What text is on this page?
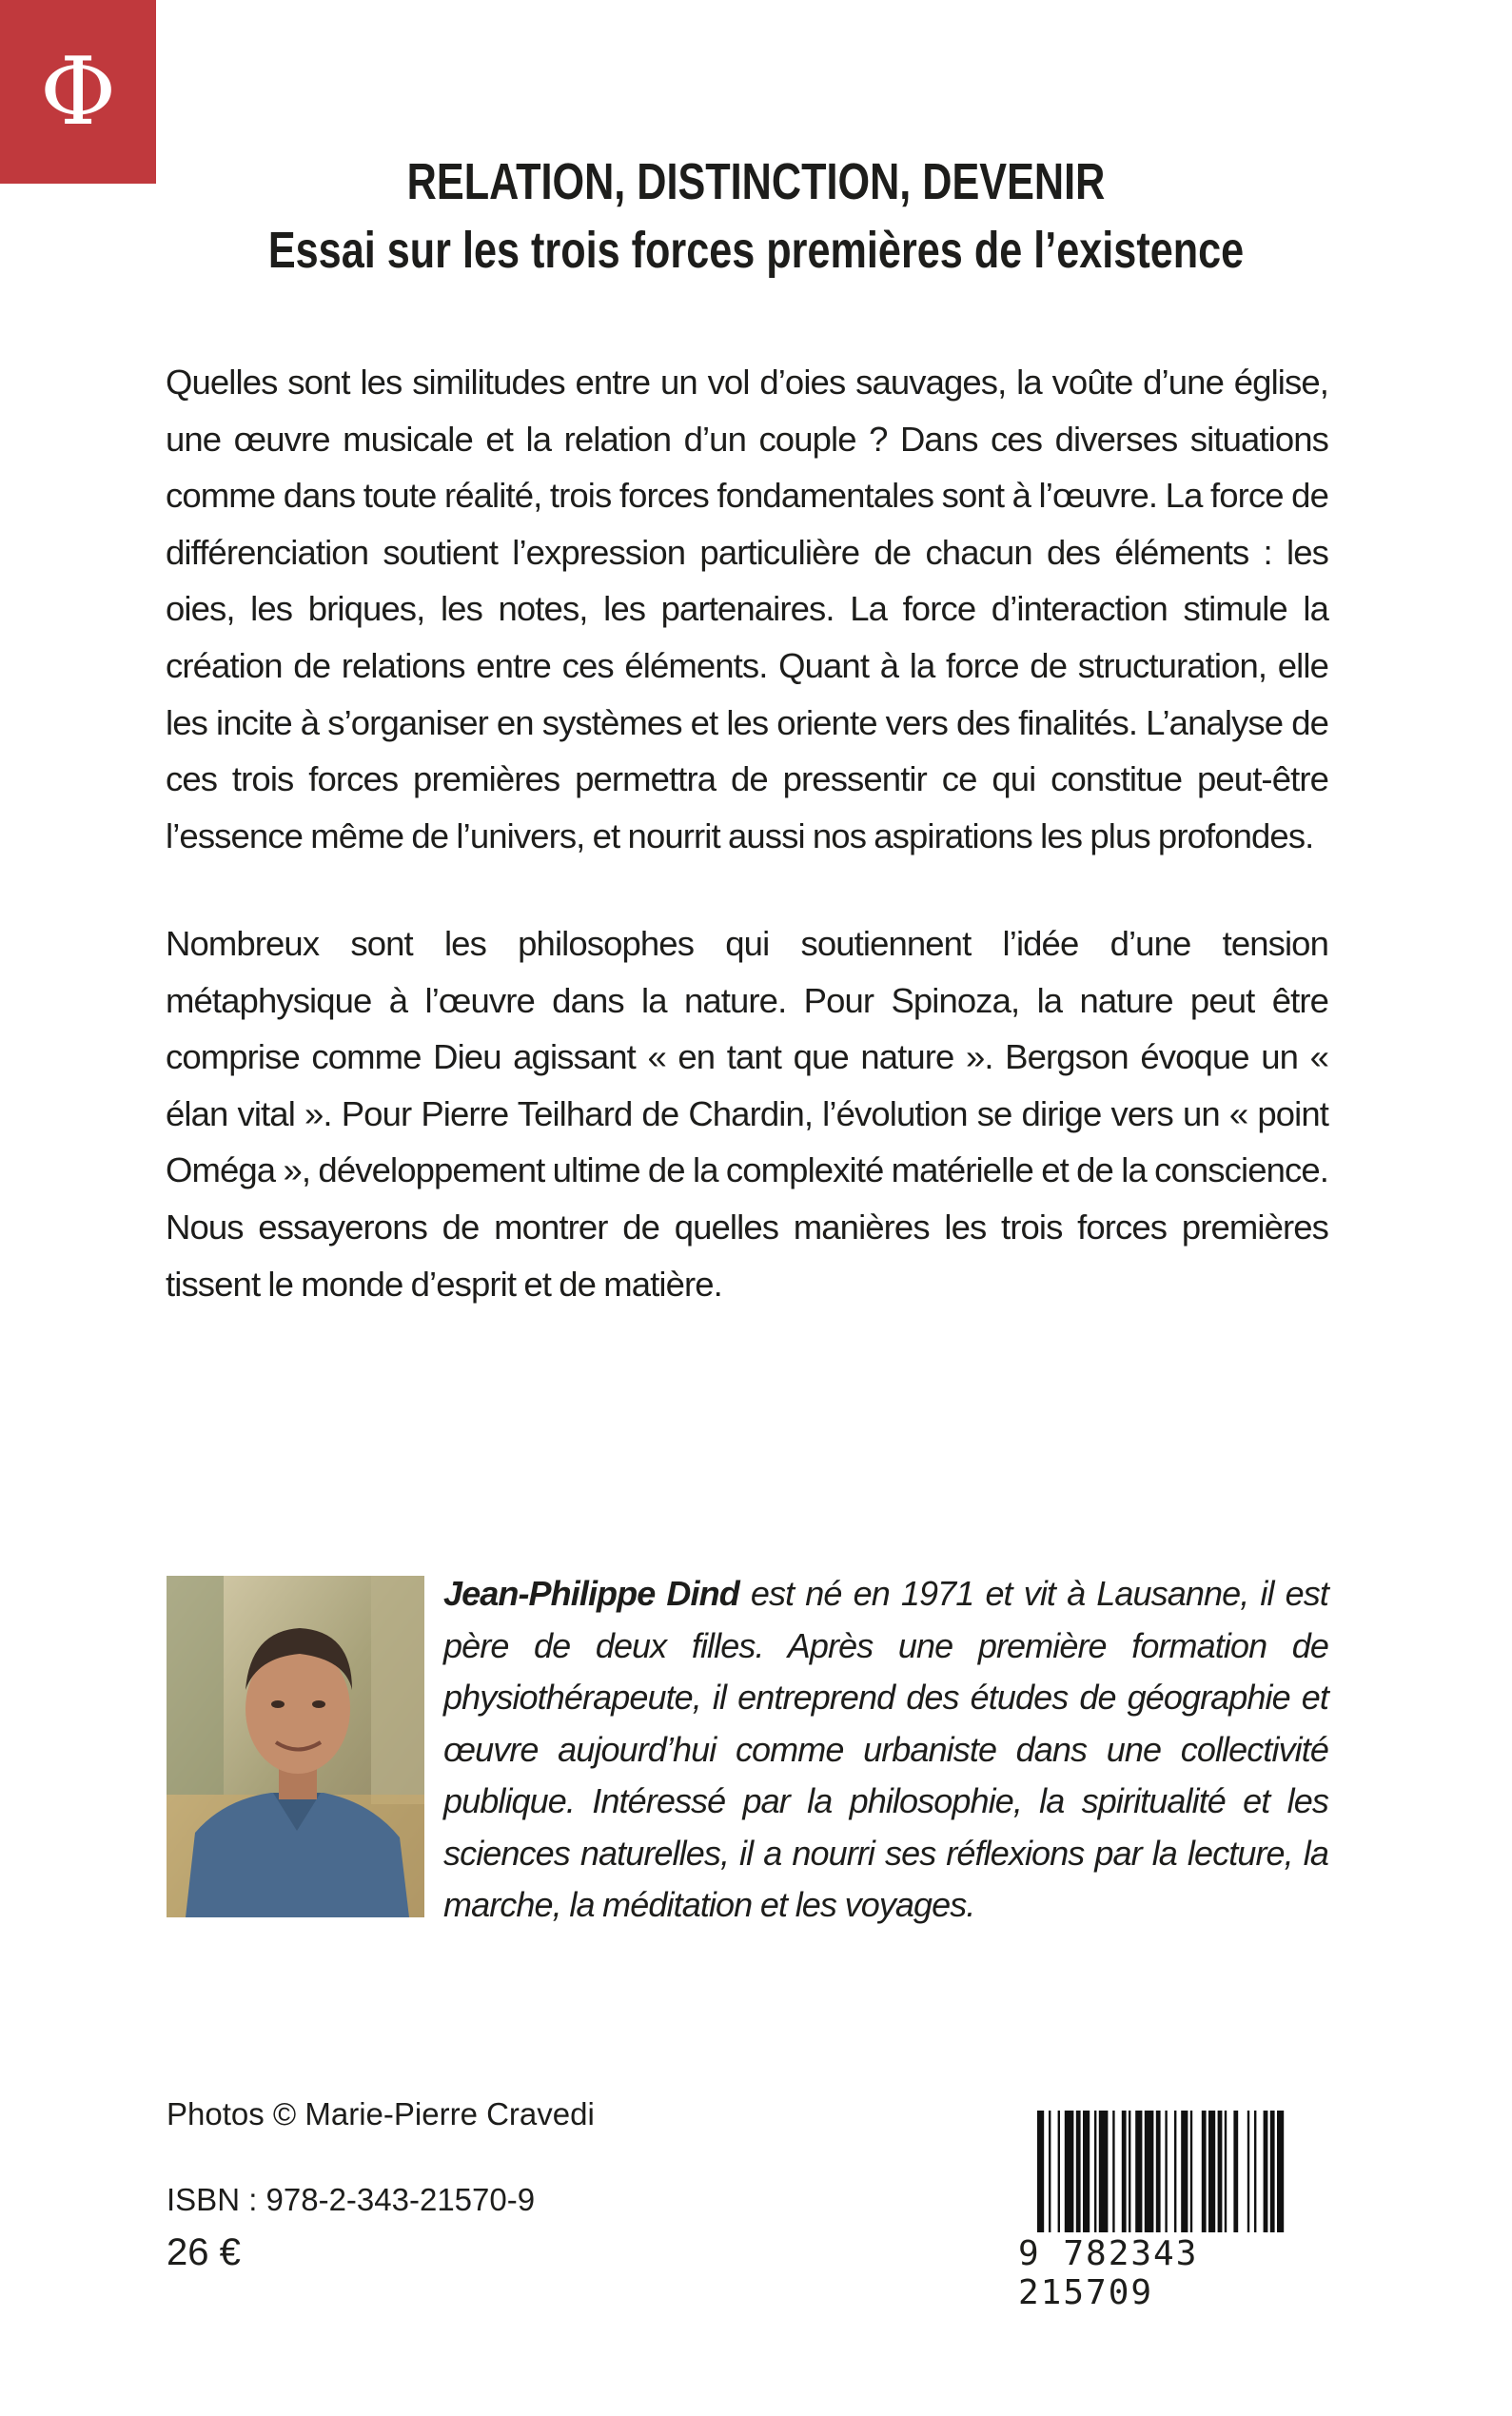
Φ
RELATION, DISTINCTION, DEVENIR
Essai sur les trois forces premières de l’existence

Quelles sont les similitudes entre un vol d’oies sauvages, la voûte d’une église, une œuvre musicale et la relation d’un couple ? Dans ces diverses situations comme dans toute réalité, trois forces fondamentales sont à l’œuvre. La force de différenciation soutient l’expression particulière de chacun des éléments : les oies, les briques, les notes, les partenaires. La force d’interaction stimule la création de relations entre ces éléments. Quant à la force de structuration, elle les incite à s’organiser en systèmes et les oriente vers des finalités. L’analyse de ces trois forces premières permettra de pressentir ce qui constitue peut-être l’essence même de l’univers, et nourrit aussi nos aspirations les plus profondes.

Nombreux sont les philosophes qui soutiennent l’idée d’une tension métaphysique à l’œuvre dans la nature. Pour Spinoza, la nature peut être comprise comme Dieu agissant « en tant que nature ». Bergson évoque un « élan vital ». Pour Pierre Teilhard de Chardin, l’évolution se dirige vers un « point Oméga », développement ultime de la complexité matérielle et de la conscience. Nous essayerons de montrer de quelles manières les trois forces premières tissent le monde d’esprit et de matière.

Jean-Philippe Dind est né en 1971 et vit à Lausanne, il est père de deux filles. Après une première formation de physiothérapeute, il entreprend des études de géographie et œuvre aujourd’hui comme urbaniste dans une collectivité publique. Intéressé par la philosophie, la spiritualité et les sciences naturelles, il a nourri ses réflexions par la lecture, la marche, la méditation et les voyages.

Photos © Marie-Pierre Cravedi
ISBN : 978-2-343-21570-9
26 €	9 782343 215709
